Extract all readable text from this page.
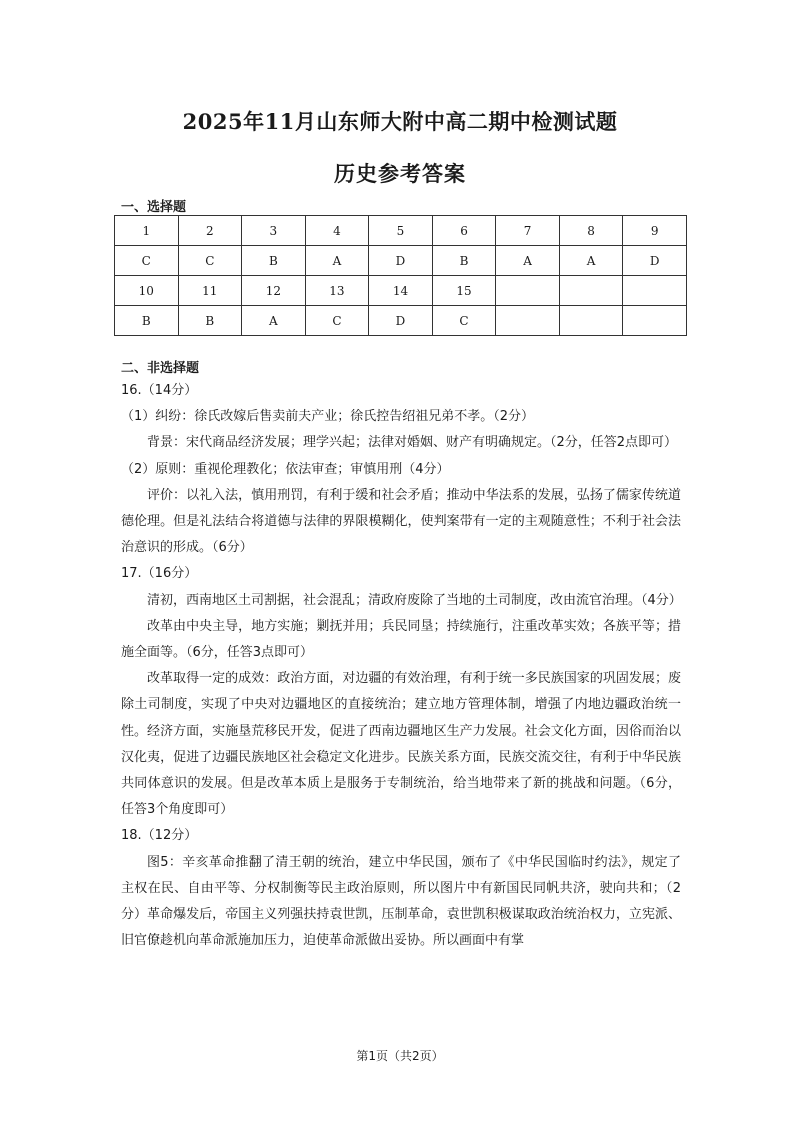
2025年11月山东师大附中高二期中检测试题
历史参考答案
一、选择题
1	2	3	4	5	6	7	8	9
C	C	B	A	D	B	A	A	D
10	11	12	13	14	15			
B	B	A	C	D	C			
二、非选择题

16.（14分）

（1）纠纷：徐氏改嫁后售卖前夫产业；徐氏控告绍祖兄弟不孝。（2分）

背景：宋代商品经济发展；理学兴起；法律对婚姻、财产有明确规定。（2分，任答2点即可）

（2）原则：重视伦理教化；依法审查；审慎用刑（4分）

评价：以礼入法，慎用刑罚，有利于缓和社会矛盾；推动中华法系的发展，弘扬了儒家传统道德伦理。但是礼法结合将道德与法律的界限模糊化，使判案带有一定的主观随意性；不利于社会法治意识的形成。（6分）

17.（16分）

清初，西南地区土司割据，社会混乱；清政府废除了当地的土司制度，改由流官治理。（4分）

改革由中央主导，地方实施；剿抚并用；兵民同垦；持续施行，注重改革实效；各族平等；措施全面等。（6分，任答3点即可）

改革取得一定的成效：政治方面，对边疆的有效治理，有利于统一多民族国家的巩固发展；废除土司制度，实现了中央对边疆地区的直接统治；建立地方管理体制，增强了内地边疆政治统一性。经济方面，实施垦荒移民开发，促进了西南边疆地区生产力发展。社会文化方面，因俗而治以汉化夷，促进了边疆民族地区社会稳定文化进步。民族关系方面，民族交流交往，有利于中华民族共同体意识的发展。但是改革本质上是服务于专制统治，给当地带来了新的挑战和问题。（6分，任答3个角度即可）

18.（12分）

图5：辛亥革命推翻了清王朝的统治，建立中华民国，颁布了《中华民国临时约法》，规定了主权在民、自由平等、分权制衡等民主政治原则，所以图片中有新国民同帆共济，驶向共和；（2分）革命爆发后，帝国主义列强扶持袁世凯，压制革命，袁世凯积极谋取政治统治权力，立宪派、旧官僚趁机向革命派施加压力，迫使革命派做出妥协。所以画面中有掌

第1页（共2页）
